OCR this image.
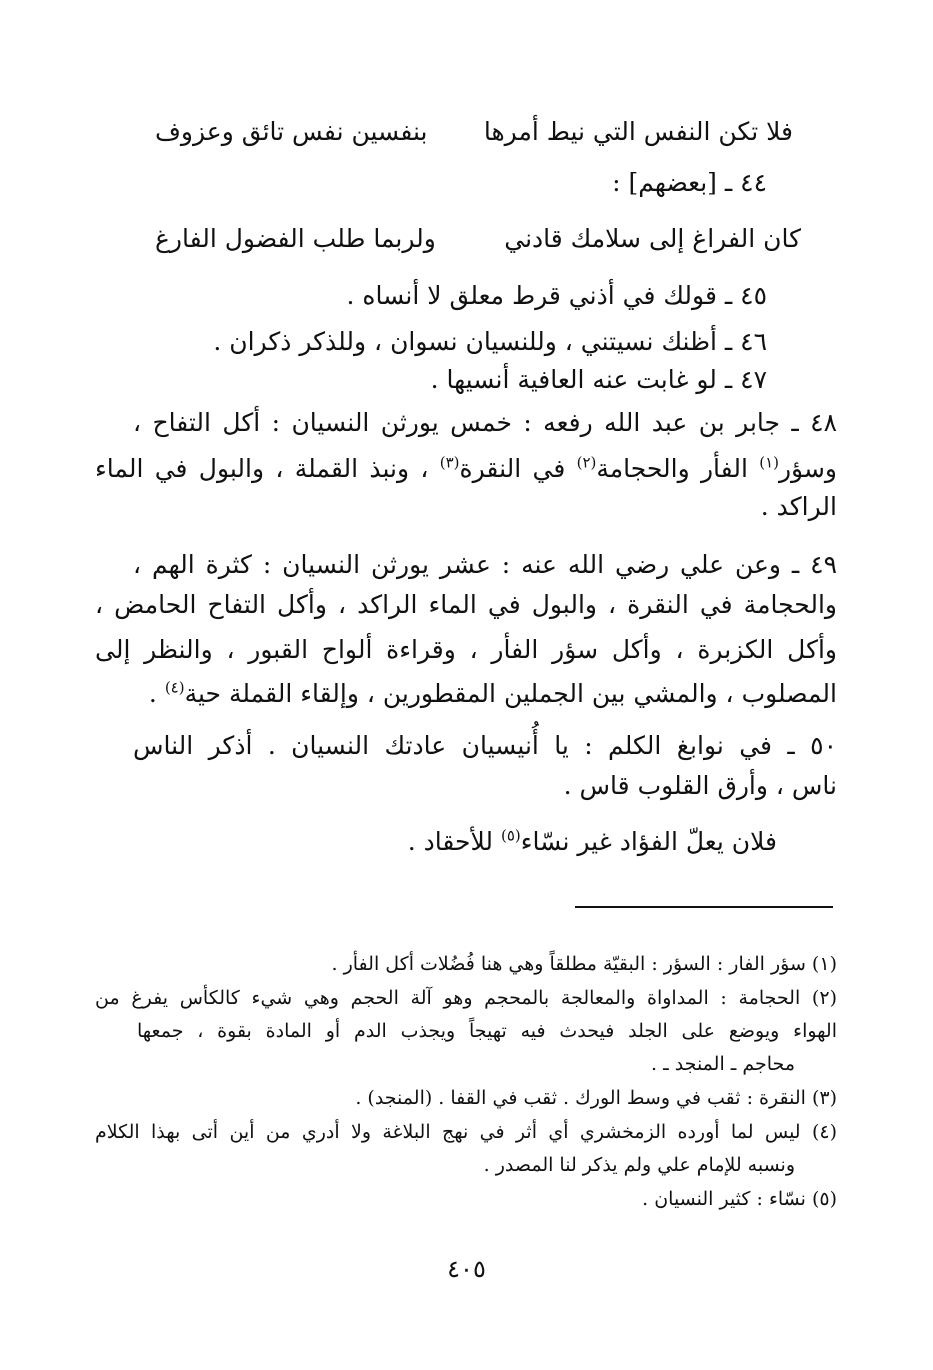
فلا تكن النفس التي نيط أمرها
بنفسين نفس تائق وعزوف
٤٤ ـ [بعضهم] :
كان الفراغ إلى سلامك قادني
ولربما طلب الفضول الفارغ
٤٥ ـ قولك في أذني قرط معلق لا أنساه .
٤٦ ـ أظنك نسيتني ، وللنسيان نسوان ، وللذكر ذكران .
٤٧ ـ لو غابت عنه العافية أنسيها .
٤٨ ـ جابر بن عبد الله رفعه : خمس يورثن النسيان : أكل التفاح ،
وسؤر$^{(١)}$ الفأر والحجامة$^{(٢)}$ في النقرة$^{(٣)}$ ، ونبذ القملة ، والبول في الماء
الراكد .
٤٩ ـ وعن علي رضي الله عنه : عشر يورثن النسيان : كثرة الهم ،
والحجامة في النقرة ، والبول في الماء الراكد ، وأكل التفاح الحامض ،
وأكل الكزبرة ، وأكل سؤر الفأر ، وقراءة ألواح القبور ، والنظر إلى
المصلوب ، والمشي بين الجملين المقطورين ، وإلقاء القملة حية$^{(٤)}$ .
٥٠ ـ في نوابغ الكلم : يا أُنيسيان عادتك النسيان . أذكر الناس
ناس ، وأرق القلوب قاس .
فلان يعلّ الفؤاد غير نسّاء$^{(٥)}$ للأحقاد .
(١) سؤر الفار : السؤر : البقيّة مطلقاً وهي هنا فُضُلات أكل الفأر .
(٢) الحجامة : المداواة والمعالجة بالمحجم وهو آلة الحجم وهي شيء كالكأس يفرغ من
الهواء ويوضع على الجلد فيحدث فيه تهيجاً ويجذب الدم أو المادة بقوة ، جمعها
محاجم ـ المنجد ـ .
(٣) النقرة : ثقب في وسط الورك . ثقب في القفا . (المنجد) .
(٤) ليس لما أورده الزمخشري أي أثر في نهج البلاغة ولا أدري من أين أتى بهذا الكلام
ونسبه للإمام علي ولم يذكر لنا المصدر .
(٥) نسّاء : كثير النسيان .
٤٠٥
